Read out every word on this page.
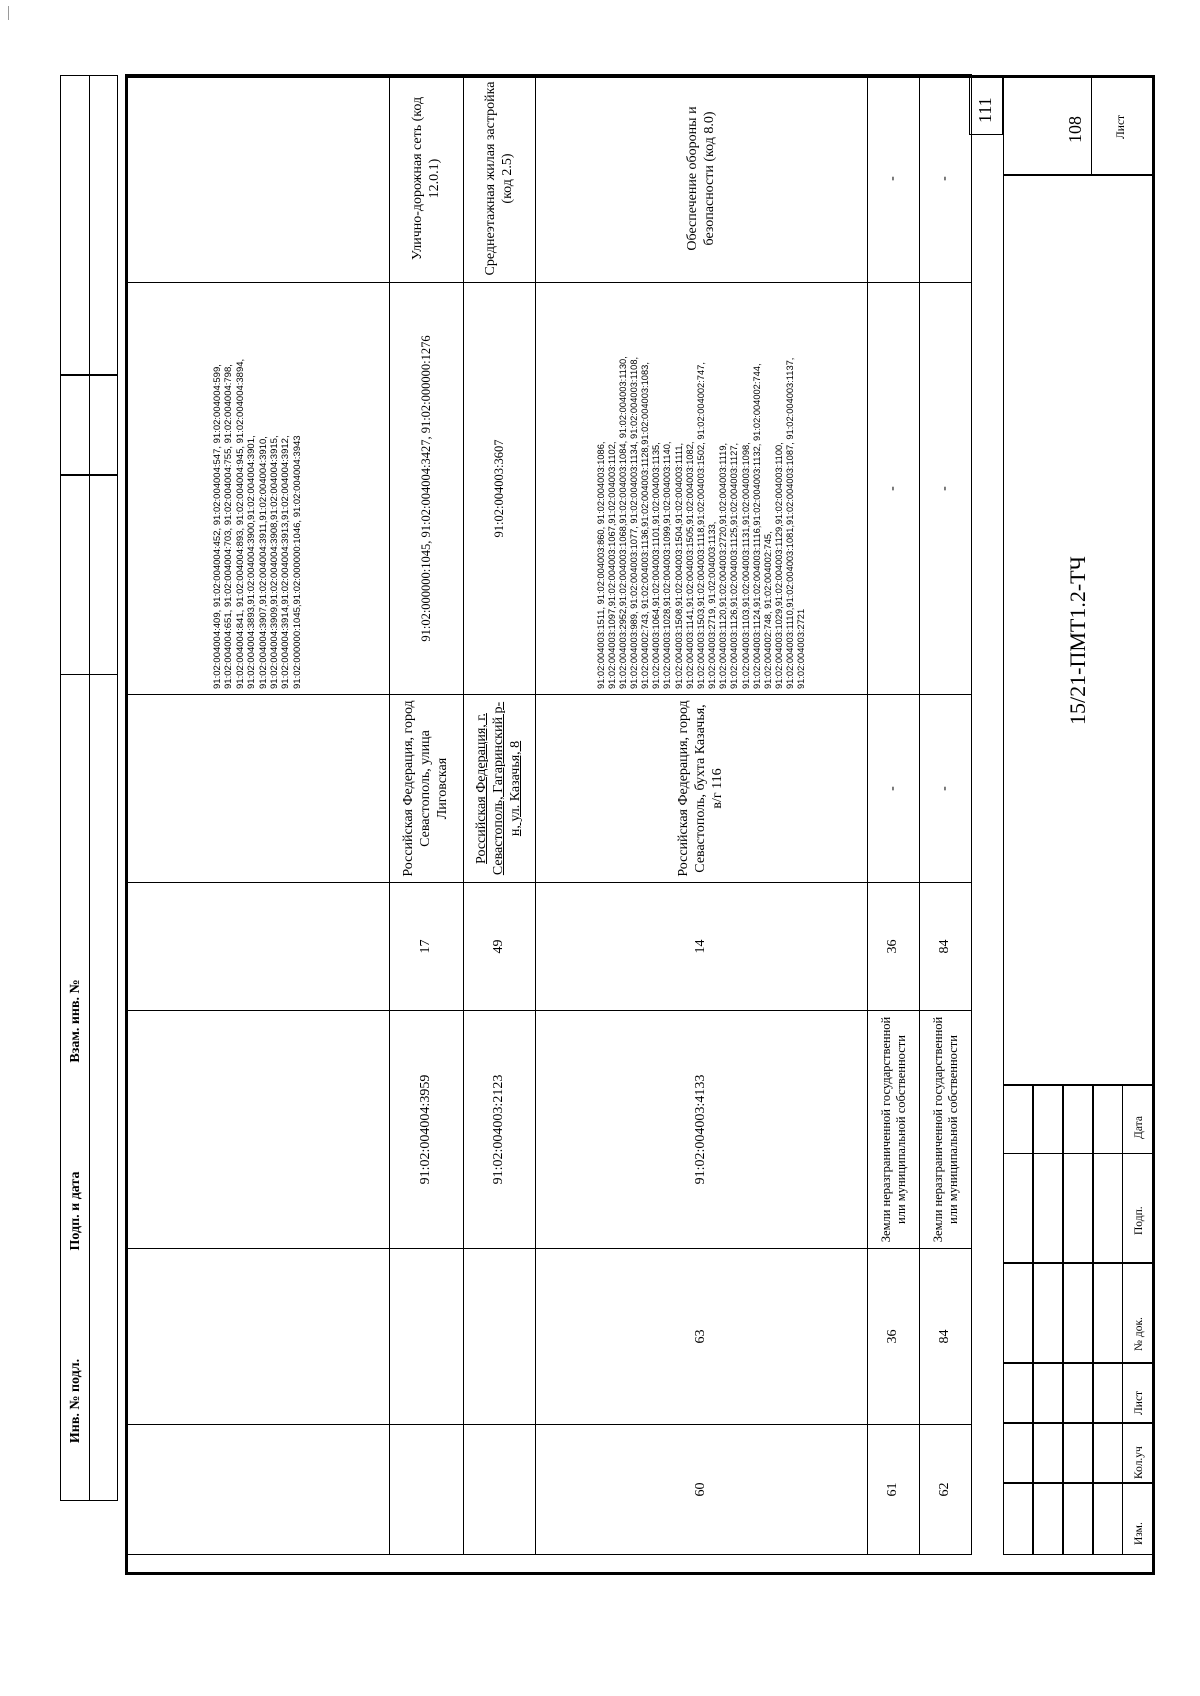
					91:02:004004:409, 91:02:004004:452, 91:02:004004:547, 91:02:004004:599, 91:02:004004:651, 91:02:004004:703, 91:02:004004:755, 91:02:004004:798, 91:02:004004:841, 91:02:004004:893, 91:02:004004:945, 91:02:004004:3894, 91:02:004004:3893,91:02:004004:3900,91:02:004004:3901, 91:02:004004:3907,91:02:004004:3911,91:02:004004:3910, 91:02:004004:3909,91:02:004004:3908,91:02:004004:3915, 91:02:004004:3914,91:02:004004:3913,91:02:004004:3912, 91:02:000000:1045,91:02:000000:1046, 91:02:004004:3943	
		91:02:004004:3959	17	Российская Федерация, город Севастополь, улица Лиговская	91:02:000000:1045, 91:02:004004:3427, 91:02:000000:1276	Улично-дорожная сеть (код 12.0.1)
		91:02:004003:2123	49	Российская Федерация, г. Севастополь, Гагаринский р-н, ул. Казачья, 8	91:02:004003:3607	Среднеэтажная жилая застройка (код 2.5)
60	63	91:02:004003:4133	14	Российская Федерация, город Севастополь, бухта Казачья, в/г 116	91:02:004003:1511, 91:02:004003:860, 91:02:004003:1086, 91:02:004003:1097,91:02:004003:1067,91:02:004003:1102, 91:02:004003:2952,91:02:004003:1068,91:02:004003:1084, 91:02:004003:1130, 91:02:004003:989, 91:02:004003:1077, 91:02:004003:1134, 91:02:004003:1108, 91:02:004002:743, 91:02:004003:1136,91:02:004003:1128,91:02:004003:1083, 91:02:004003:1064,91:02:004003:1101,91:02:004003:1135, 91:02:004003:1028,91:02:004003:1099,91:02:004003:1140, 91:02:004003:1508,91:02:004003:1504,91:02:004003:1111, 91:02:004003:1141,91:02:004003:1505,91:02:004003:1082, 91:02:004003:1503,91:02:004003:1118,91:02:004003:1502, 91:02:004002:747, 91:02:004003:2719, 91:02:004003:1133, 91:02:004003:1120,91:02:004003:2720,91:02:004003:1119, 91:02:004003:1126,91:02:004003:1125,91:02:004003:1127, 91:02:004003:1103,91:02:004003:1131,91:02:004003:1098, 91:02:004003:1124,91:02:004003:1116,91:02:004003:1132, 91:02:004002:744, 91:02:004002:748, 91:02:004002:745, 91:02:004003:1029,91:02:004003:1129,91:02:004003:1100, 91:02:004003:1110,91:02:004003:1081,91:02:004003:1087, 91:02:004003:1137, 91:02:004003:2721	Обеспечение обороны и безопасности (код 8.0)
61	36	Земли неразграниченной государственной или муниципальной собственности	36	-	-	-
62	84	Земли неразграниченной государственной или муниципальной собственности	84	-	-	-
Изм.
Кол.уч
Лист
№ док.
Подп.
Дата
15/21-ПМТ1.2-ТЧ
Лист
108
111
Инв. № подл.
Подп. и дата
Взам. инв. №
